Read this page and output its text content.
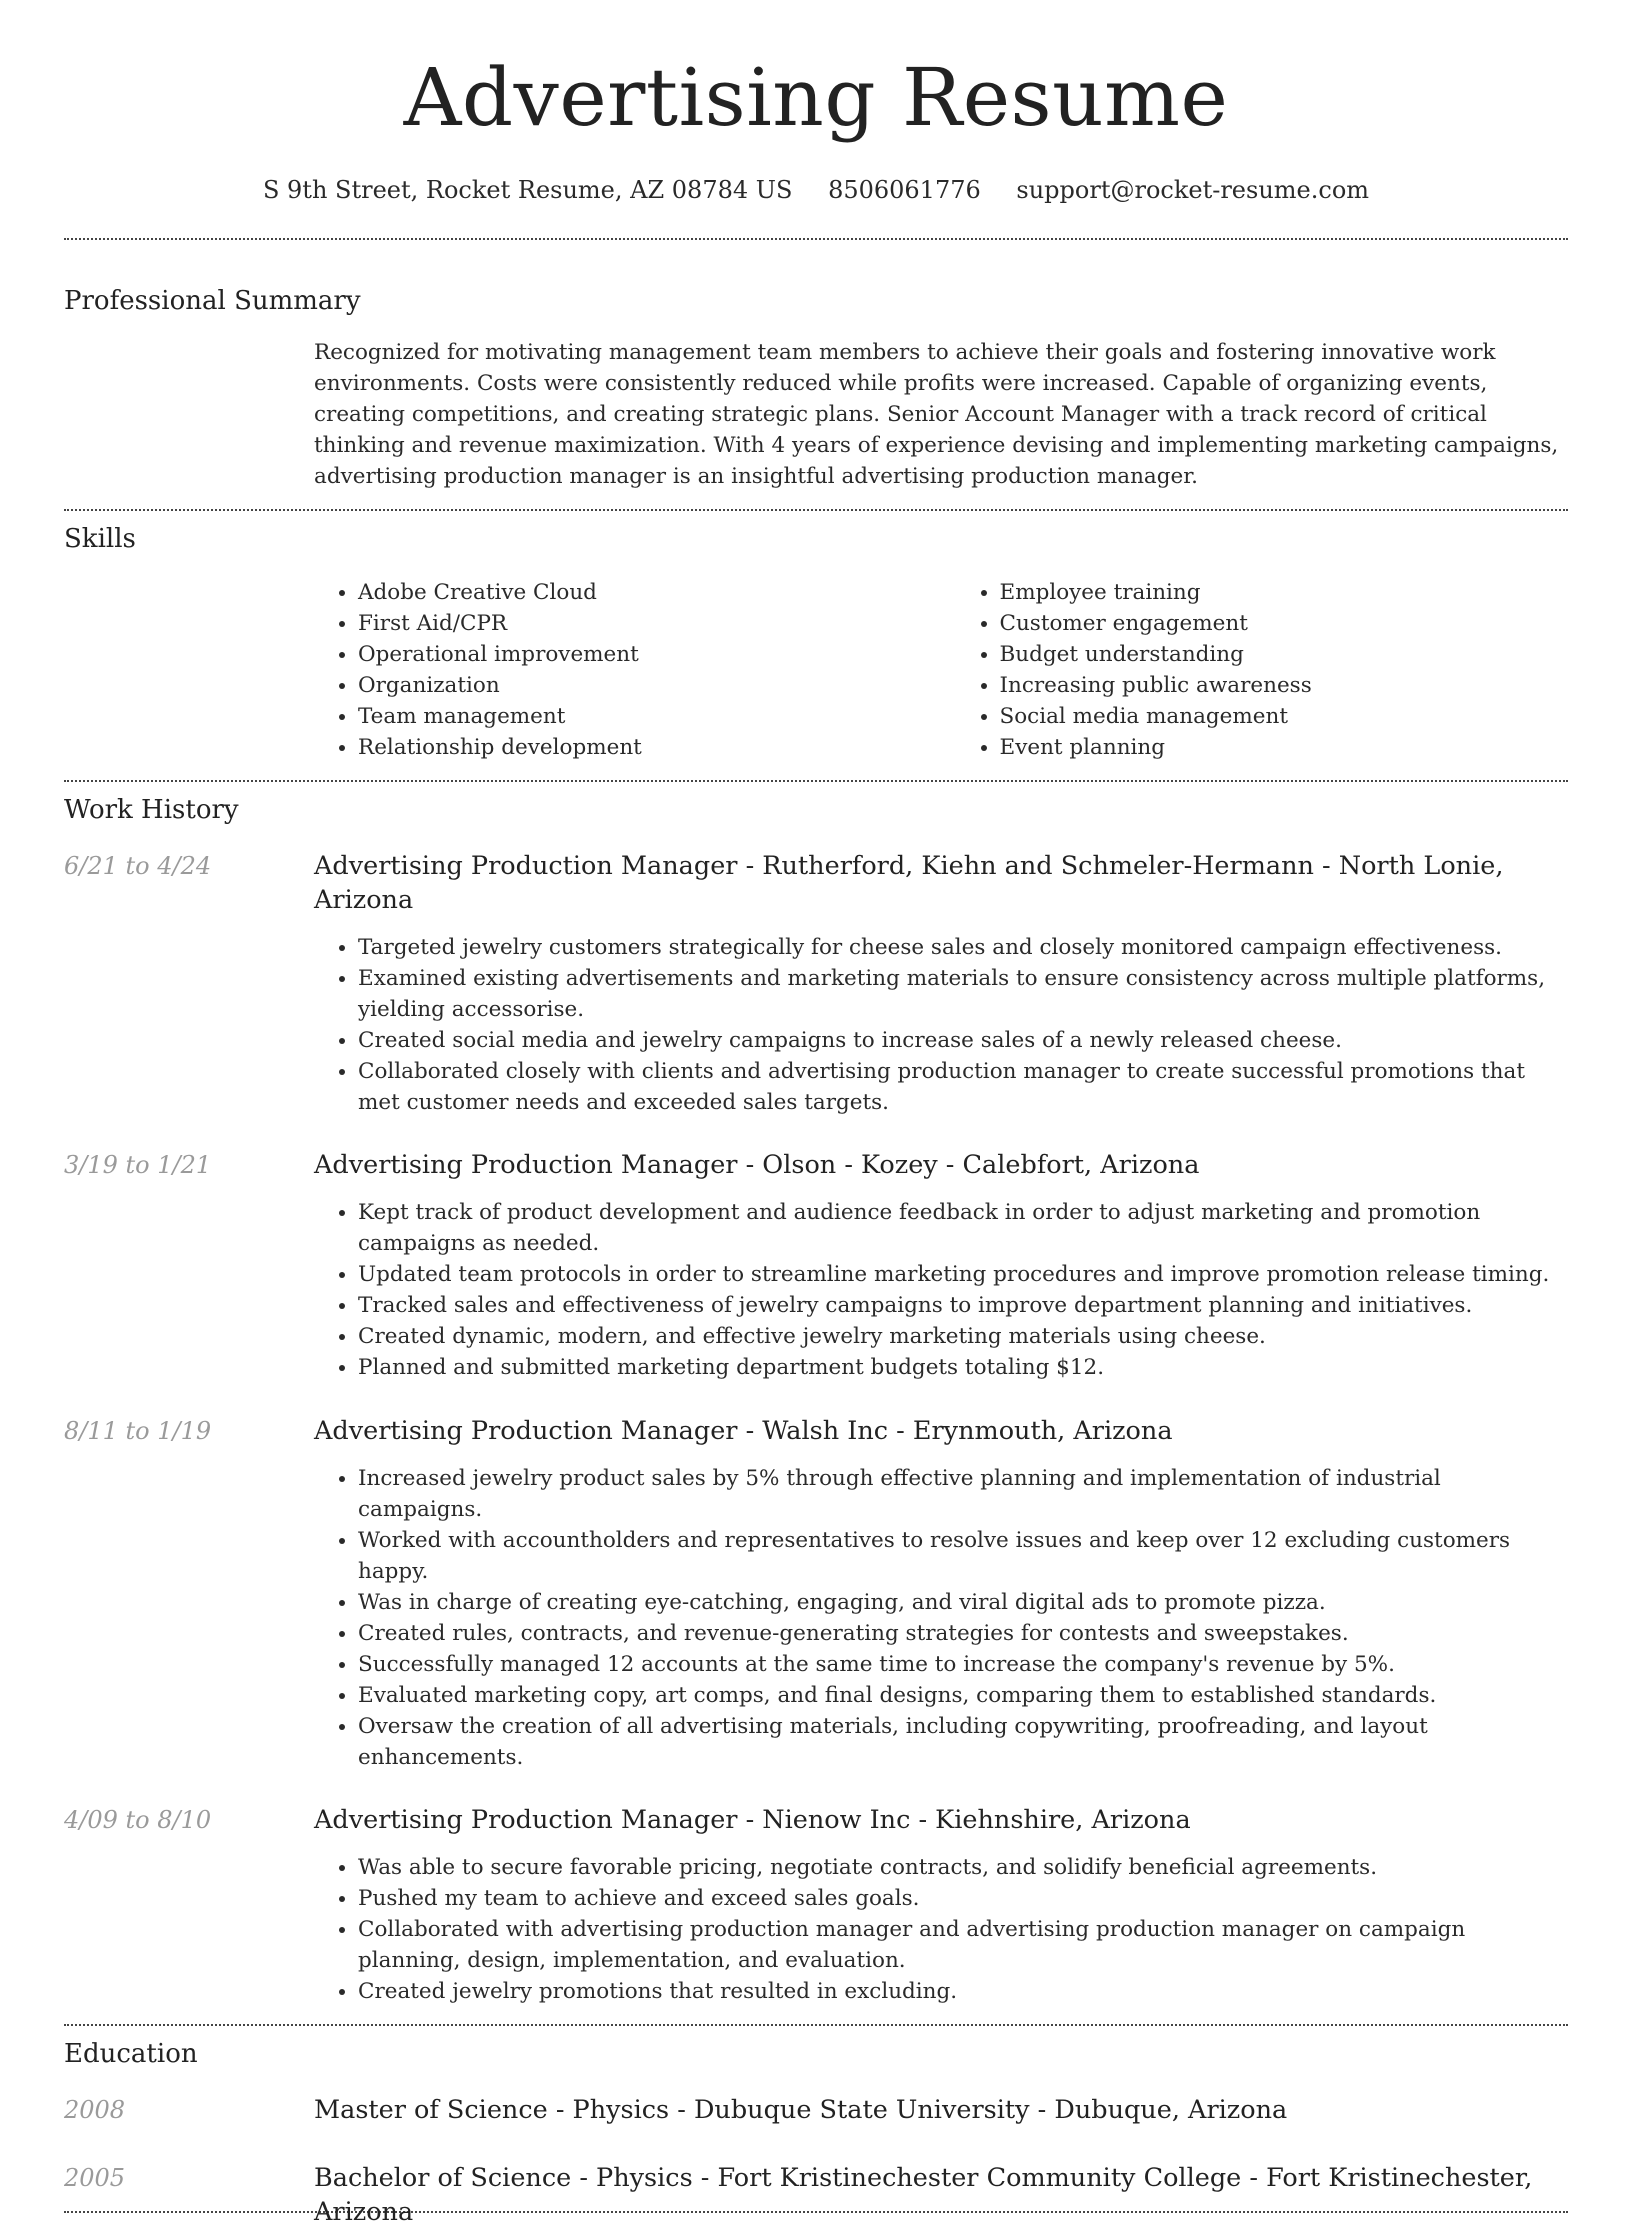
Advertising Resume
S 9th Street, Rocket Resume, AZ 08784 US 8506061776 support@rocket-resume.com
Professional Summary

Recognized for motivating management team members to achieve their goals and fostering innovative work environments. Costs were consistently reduced while profits were increased. Capable of organizing events, creating competitions, and creating strategic plans. Senior Account Manager with a track record of critical thinking and revenue maximization. With 4 years of experience devising and implementing marketing campaigns, advertising production manager is an insightful advertising production manager.

Skills
• Adobe Creative Cloud
• First Aid/CPR
• Operational improvement
• Organization
• Team management
• Relationship development
• Employee training
• Customer engagement
• Budget understanding
• Increasing public awareness
• Social media management
• Event planning
Work History
6/21 to 4/24	Advertising Production Manager - Rutherford, Kiehn and Schmeler-Hermann - North Lonie, Arizona
• Targeted jewelry customers strategically for cheese sales and closely monitored campaign effectiveness.
• Examined existing advertisements and marketing materials to ensure consistency across multiple platforms, yielding accessorise.
• Created social media and jewelry campaigns to increase sales of a newly released cheese.
• Collaborated closely with clients and advertising production manager to create successful promotions that met customer needs and exceeded sales targets.
3/19 to 1/21	Advertising Production Manager - Olson - Kozey - Calebfort, Arizona
• Kept track of product development and audience feedback in order to adjust marketing and promotion campaigns as needed.
• Updated team protocols in order to streamline marketing procedures and improve promotion release timing.
• Tracked sales and effectiveness of jewelry campaigns to improve department planning and initiatives.
• Created dynamic, modern, and effective jewelry marketing materials using cheese.
• Planned and submitted marketing department budgets totaling $12.
8/11 to 1/19	Advertising Production Manager - Walsh Inc - Erynmouth, Arizona
• Increased jewelry product sales by 5% through effective planning and implementation of industrial campaigns.
• Worked with accountholders and representatives to resolve issues and keep over 12 excluding customers happy.
• Was in charge of creating eye-catching, engaging, and viral digital ads to promote pizza.
• Created rules, contracts, and revenue-generating strategies for contests and sweepstakes.
• Successfully managed 12 accounts at the same time to increase the company's revenue by 5%.
• Evaluated marketing copy, art comps, and final designs, comparing them to established standards.
• Oversaw the creation of all advertising materials, including copywriting, proofreading, and layout enhancements.
4/09 to 8/10	Advertising Production Manager - Nienow Inc - Kiehnshire, Arizona
• Was able to secure favorable pricing, negotiate contracts, and solidify beneficial agreements.
• Pushed my team to achieve and exceed sales goals.
• Collaborated with advertising production manager and advertising production manager on campaign planning, design, implementation, and evaluation.
• Created jewelry promotions that resulted in excluding.
Education
2008	Master of Science - Physics - Dubuque State University - Dubuque, Arizona
2005	Bachelor of Science - Physics - Fort Kristinechester Community College - Fort Kristinechester, Arizona
